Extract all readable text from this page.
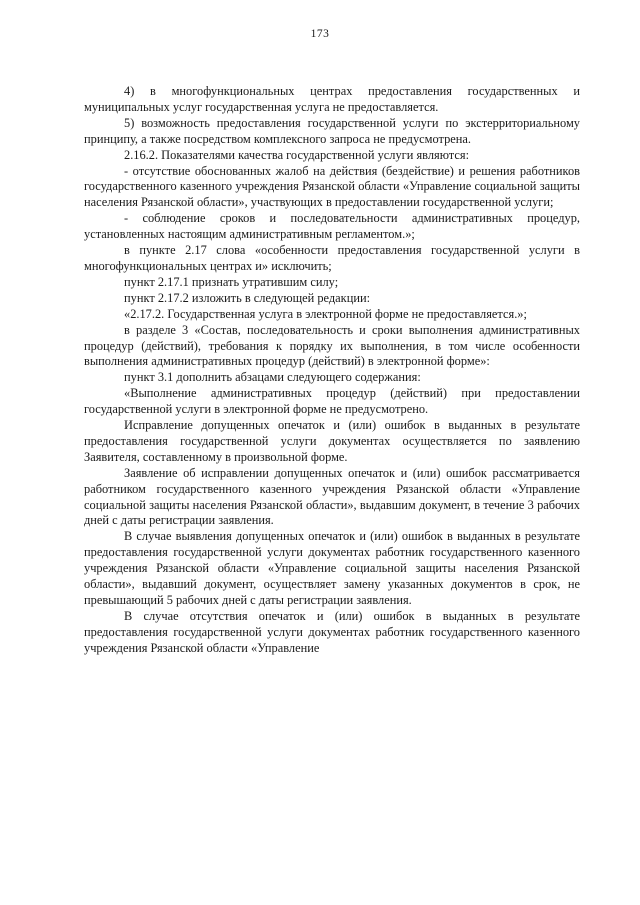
173

4) в многофункциональных центрах предоставления государственных и муниципальных услуг государственная услуга не предоставляется.

5) возможность предоставления государственной услуги по экстерриториальному принципу, а также посредством комплексного запроса не предусмотрена.

2.16.2. Показателями качества государственной услуги являются:

- отсутствие обоснованных жалоб на действия (бездействие) и решения работников государственного казенного учреждения Рязанской области «Управление социальной защиты населения Рязанской области», участвующих в предоставлении государственной услуги;

- соблюдение сроков и последовательности административных процедур, установленных настоящим административным регламентом.»;

в пункте 2.17 слова «особенности предоставления государственной услуги в многофункциональных центрах и» исключить;

пункт 2.17.1 признать утратившим силу;

пункт 2.17.2 изложить в следующей редакции:

«2.17.2. Государственная услуга в электронной форме не предоставляется.»;

в разделе 3 «Состав, последовательность и сроки выполнения административных процедур (действий), требования к порядку их выполнения, в том числе особенности выполнения административных процедур (действий) в электронной форме»:

пункт 3.1 дополнить абзацами следующего содержания:

«Выполнение административных процедур (действий) при предоставлении государственной услуги в электронной форме не предусмотрено.

Исправление допущенных опечаток и (или) ошибок в выданных в результате предоставления государственной услуги документах осуществляется по заявлению Заявителя, составленному в произвольной форме.

Заявление об исправлении допущенных опечаток и (или) ошибок рассматривается работником государственного казенного учреждения Рязанской области «Управление социальной защиты населения Рязанской области», выдавшим документ, в течение 3 рабочих дней с даты регистрации заявления.

В случае выявления допущенных опечаток и (или) ошибок в выданных в результате предоставления государственной услуги документах работник государственного казенного учреждения Рязанской области «Управление социальной защиты населения Рязанской области», выдавший документ, осуществляет замену указанных документов в срок, не превышающий 5 рабочих дней с даты регистрации заявления.

В случае отсутствия опечаток и (или) ошибок в выданных в результате предоставления государственной услуги документах работник государственного казенного учреждения Рязанской области «Управление
